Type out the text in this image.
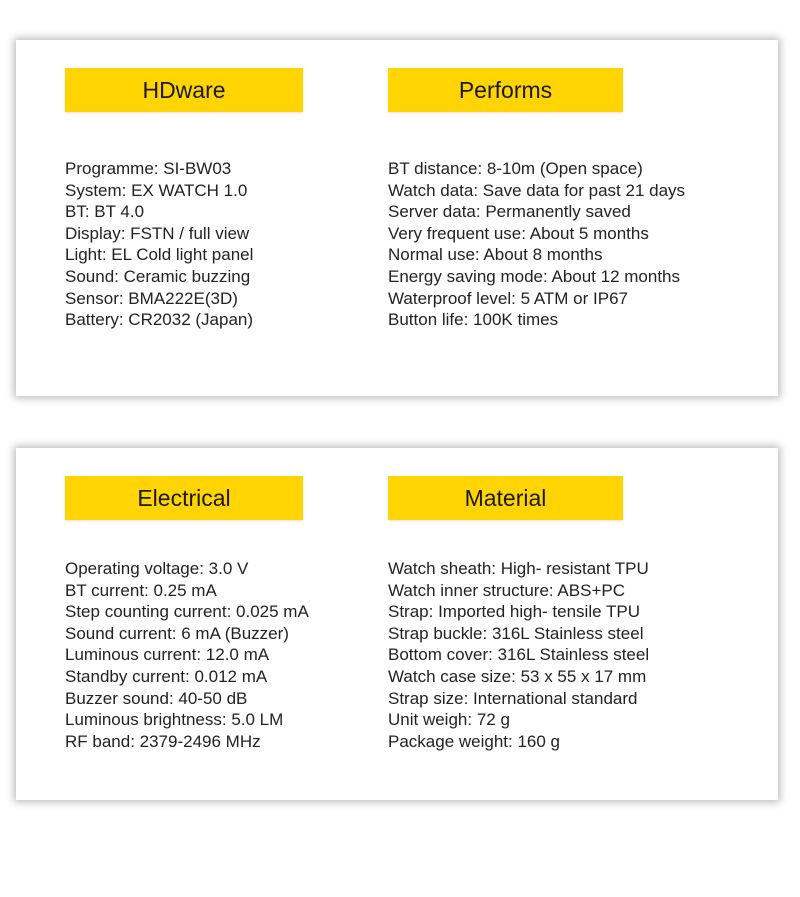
HDware
Programme: SI-BW03
System: EX WATCH 1.0
BT: BT 4.0
Display: FSTN / full view
Light: EL Cold light panel
Sound: Ceramic buzzing
Sensor: BMA222E(3D)
Battery: CR2032 (Japan)
Performs
BT distance: 8-10m (Open space)
Watch data: Save data for past 21 days
Server data: Permanently saved
Very frequent use: About 5 months
Normal use: About 8 months
Energy saving mode: About 12 months
Waterproof level: 5 ATM or IP67
Button life: 100K times
Electrical
Operating voltage: 3.0 V
BT current: 0.25 mA
Step counting current: 0.025 mA
Sound current: 6 mA (Buzzer)
Luminous current: 12.0 mA
Standby current: 0.012 mA
Buzzer sound: 40-50 dB
Luminous brightness: 5.0 LM
RF band: 2379-2496 MHz
Material
Watch sheath: High- resistant TPU
Watch inner structure: ABS+PC
Strap: Imported high- tensile TPU
Strap buckle: 316L Stainless steel
Bottom cover: 316L Stainless steel
Watch case size: 53 x 55 x 17 mm
Strap size: International standard
Unit weigh: 72 g
Package weight: 160 g
